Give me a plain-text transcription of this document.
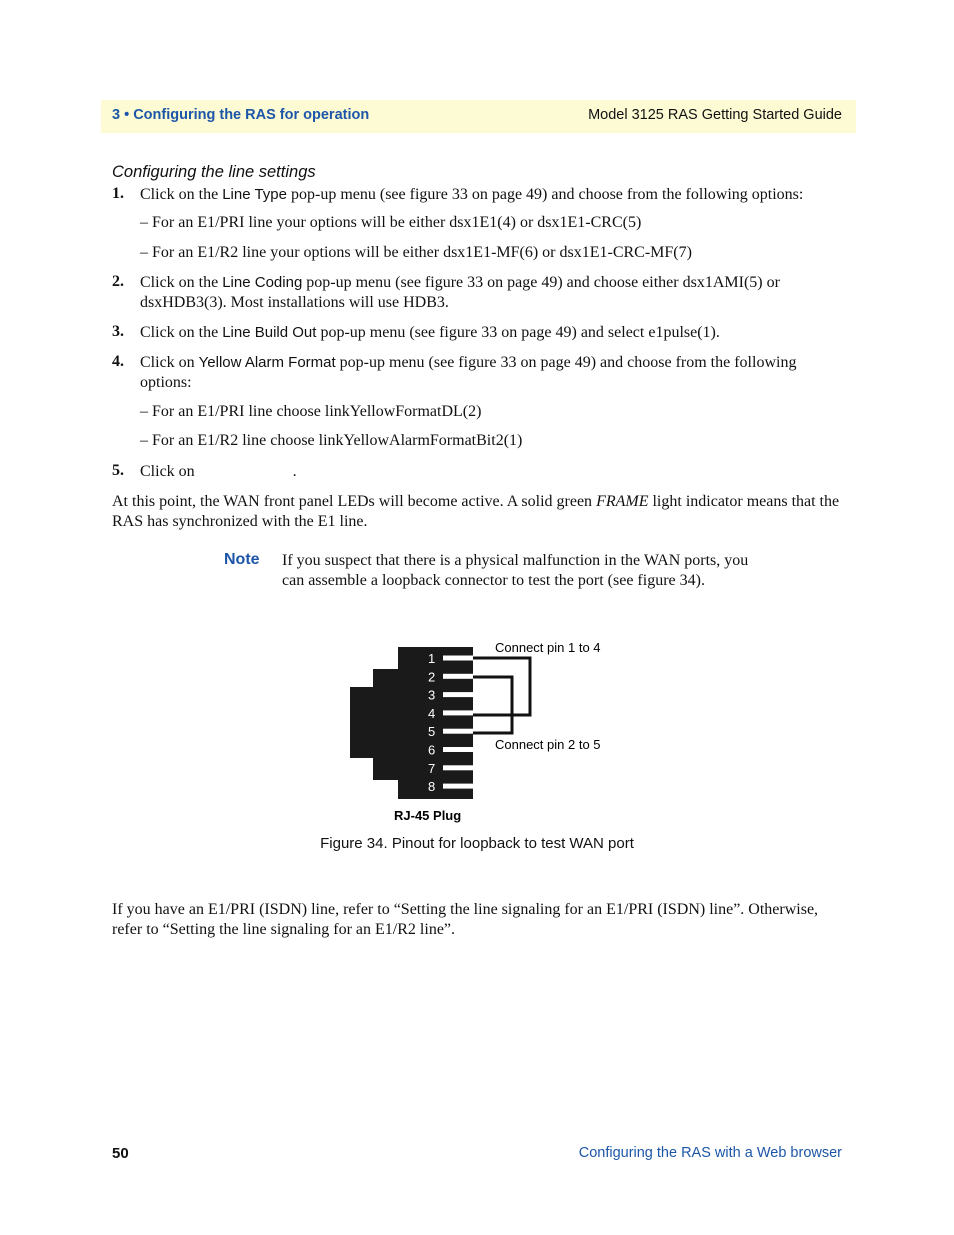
3 • Configuring the RAS for operation	Model 3125 RAS Getting Started Guide
Configuring the line settings
1. Click on the Line Type pop-up menu (see figure 33 on page 49) and choose from the following options:
– For an E1/PRI line your options will be either dsx1E1(4) or dsx1E1-CRC(5)
– For an E1/R2 line your options will be either dsx1E1-MF(6) or dsx1E1-CRC-MF(7)
2. Click on the Line Coding pop-up menu (see figure 33 on page 49) and choose either dsx1AMI(5) or dsxHDB3(3). Most installations will use HDB3.
3. Click on the Line Build Out pop-up menu (see figure 33 on page 49) and select e1pulse(1).
4. Click on Yellow Alarm Format pop-up menu (see figure 33 on page 49) and choose from the following options:
– For an E1/PRI line choose linkYellowFormatDL(2)
– For an E1/R2 line choose linkYellowAlarmFormatBit2(1)
5. Click on	.
At this point, the WAN front panel LEDs will become active. A solid green FRAME light indicator means that the RAS has synchronized with the E1 line.
Note If you suspect that there is a physical malfunction in the WAN ports, you can assemble a loopback connector to test the port (see figure 34).
1
2
3
4
5
6
7
8
Connect pin 1 to 4
Connect pin 2 to 5
RJ-45 Plug
Figure 34. Pinout for loopback to test WAN port
If you have an E1/PRI (ISDN) line, refer to “Setting the line signaling for an E1/PRI (ISDN) line”. Otherwise, refer to “Setting the line signaling for an E1/R2 line”.
50	Configuring the RAS with a Web browser
